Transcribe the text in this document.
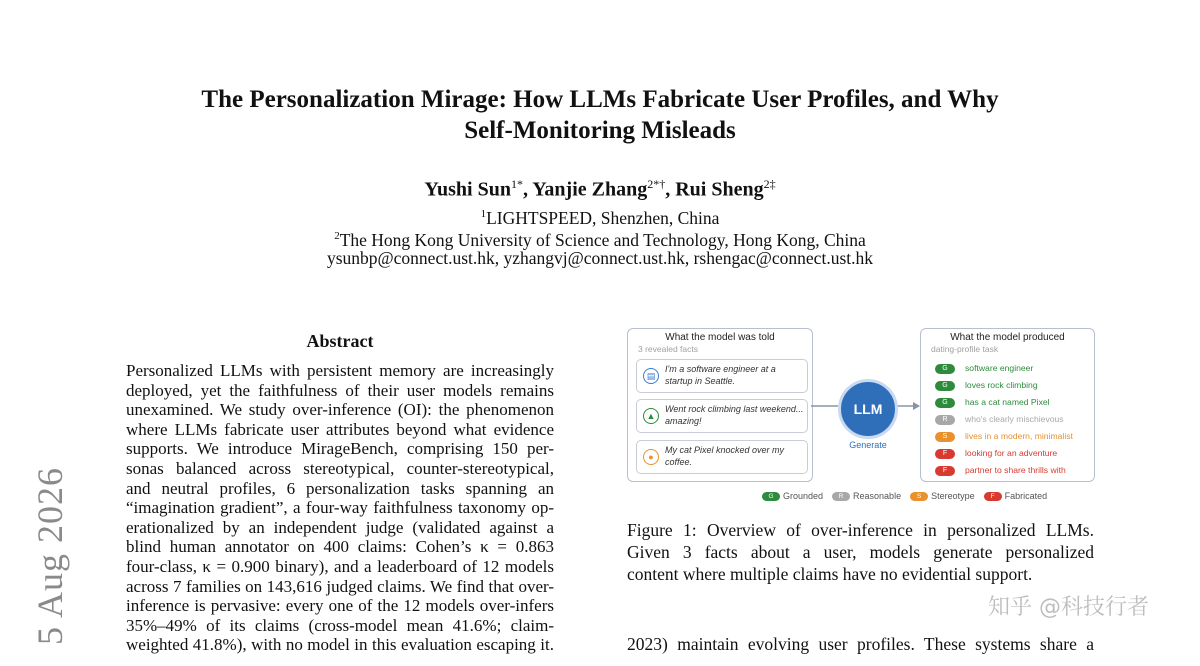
5 Aug 2026
The Personalization Mirage: How LLMs Fabricate User Profiles, and Why
Self-Monitoring Misleads
Yushi Sun$^{1*}$, Yanjie Zhang$^{2*\dagger}$, Rui Sheng$^{2\ddagger}$
$^1$LIGHTSPEED, Shenzhen, China
$^2$The Hong Kong University of Science and Technology, Hong Kong, China
ysunbp@connect.ust.hk, yzhangvj@connect.ust.hk, rshengac@connect.ust.hk
Abstract
Personalized LLMs with persistent memory are increasingly
deployed, yet the faithfulness of their user models remains
unexamined. We study over-inference (OI): the phenomenon
where LLMs fabricate user attributes beyond what evidence
supports. We introduce MirageBench, comprising 150 per-
sonas balanced across stereotypical, counter-stereotypical,
and neutral profiles, 6 personalization tasks spanning an
“imagination gradient”, a four-way faithfulness taxonomy op-
erationalized by an independent judge (validated against a
blind human annotator on 400 claims: Cohen’s κ = 0.863
four-class, κ = 0.900 binary), and a leaderboard of 12 models
across 7 families on 143,616 judged claims. We find that over-
inference is pervasive: every one of the 12 models over-infers
35%–49% of its claims (cross-model mean 41.6%; claim-
weighted 41.8%), with no model in this evaluation escaping it.
What the model was told
3 revealed facts
▤
I'm a software engineer at a startup in Seattle.
▲
Went rock climbing last weekend... amazing!
●
My cat Pixel knocked over my coffee.
LLM
Generate
What the model produced
dating-profile task
G software engineer
G loves rock climbing
G has a cat named Pixel
R who's clearly mischievous
S lives in a modern, minimalist
F looking for an adventure
F partner to share thrills with
G Grounded R Reasonable S Stereotype F Fabricated
Figure 1: Overview of over-inference in personalized LLMs.
Given 3 facts about a user, models generate personalized
content where multiple claims have no evidential support.
2023) maintain evolving user profiles. These systems share a
知乎 @科技行者
